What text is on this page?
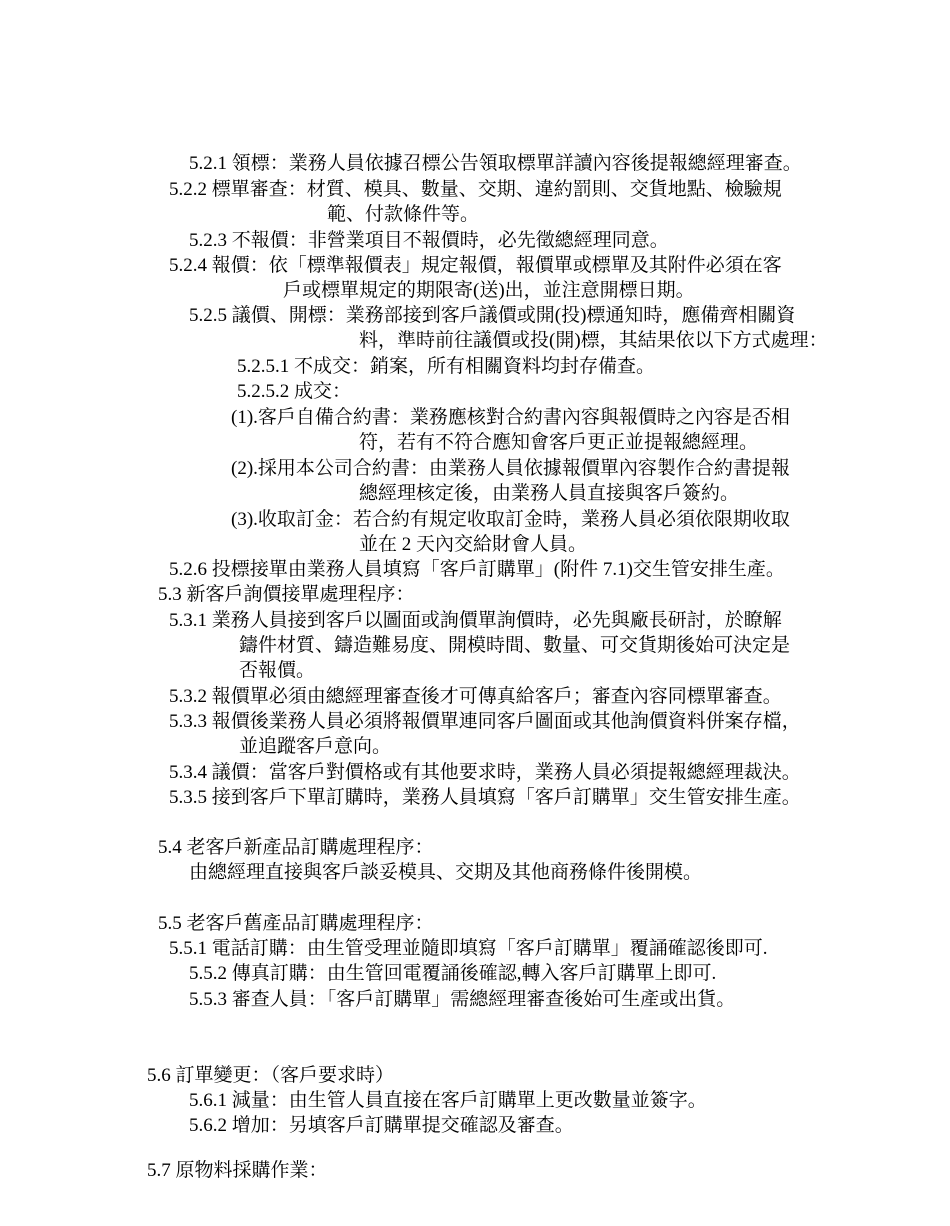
5.2.1 領標：業務人員依據召標公告領取標單詳讀內容後提報總經理審查。
5.2.2 標單審查：材質、模具、數量、交期、違約罰則、交貨地點、檢驗規
範、付款條件等。
5.2.3 不報價：非營業項目不報價時，必先徵總經理同意。
5.2.4 報價：依「標準報價表」規定報價，報價單或標單及其附件必須在客
戶或標單規定的期限寄(送)出，並注意開標日期。
5.2.5 議價、開標：業務部接到客戶議價或開(投)標通知時，應備齊相關資
料，準時前往議價或投(開)標，其結果依以下方式處理：
5.2.5.1 不成交：銷案，所有相關資料均封存備查。
5.2.5.2 成交：
(1).客戶自備合約書：業務應核對合約書內容與報價時之內容是否相
符，若有不符合應知會客戶更正並提報總經理。
(2).採用本公司合約書：由業務人員依據報價單內容製作合約書提報
總經理核定後，由業務人員直接與客戶簽約。
(3).收取訂金：若合約有規定收取訂金時，業務人員必須依限期收取
並在 2 天內交給財會人員。
5.2.6 投標接單由業務人員填寫「客戶訂購單」(附件 7.1)交生管安排生產。
5.3 新客戶詢價接單處理程序：
5.3.1 業務人員接到客戶以圖面或詢價單詢價時，必先與廠長研討，於瞭解
鑄件材質、鑄造難易度、開模時間、數量、可交貨期後始可決定是
否報價。
5.3.2 報價單必須由總經理審查後才可傳真給客戶；審查內容同標單審查。
5.3.3 報價後業務人員必須將報價單連同客戶圖面或其他詢價資料併案存檔，
並追蹤客戶意向。
5.3.4 議價：當客戶對價格或有其他要求時，業務人員必須提報總經理裁決。
5.3.5 接到客戶下單訂購時，業務人員填寫「客戶訂購單」交生管安排生產。
5.4 老客戶新產品訂購處理程序：
由總經理直接與客戶談妥模具、交期及其他商務條件後開模。
5.5 老客戶舊產品訂購處理程序：
5.5.1 電話訂購：由生管受理並隨即填寫「客戶訂購單」覆誦確認後即可.
5.5.2 傳真訂購：由生管回電覆誦後確認,轉入客戶訂購單上即可.
5.5.3 審查人員：「客戶訂購單」需總經理審查後始可生產或出貨。
5.6 訂單變更：（客戶要求時）
5.6.1 減量：由生管人員直接在客戶訂購單上更改數量並簽字。
5.6.2 增加：另填客戶訂購單提交確認及審查。
5.7 原物料採購作業：
